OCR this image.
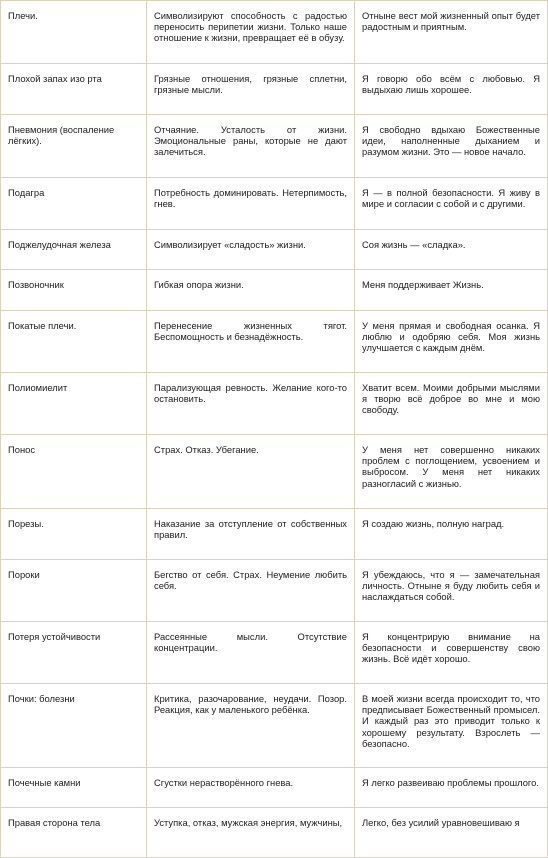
Плечи.	Символизируют способность с радостью переносить перипетии жизни. Только наше отношение к жизни, превращает её в обузу.	Отныне вест мой жизненный опыт будет радостным и приятным.
Плохой запах изо рта	Грязные отношения, грязные сплетни, грязные мысли.	Я говорю обо всём с любовью. Я выдыхаю лишь хорошее.
Пневмония (воспаление лёгких).	Отчаяние. Усталость от жизни. Эмоциональные раны, которые не дают залечиться.	Я свободно вдыхаю Божественные идеи, наполненные дыханием и разумом жизни. Это — новое начало.
Подагра	Потребность доминировать. Нетерпимость, гнев.	Я — в полной безопасности. Я живу в мире и согласии с собой и с другими.
Поджелудочная железа	Символизирует «сладость» жизни.	Соя жизнь — «сладка».
Позвоночник	Гибкая опора жизни.	Меня поддерживает Жизнь.
Покатые плечи.	Перенесение жизненных тягот. Беспомощность и безнадёжность.	У меня прямая и свободная осанка. Я люблю и одобряю себя. Моя жизнь улучшается с каждым днём.
Полиомиелит	Парализующая ревность. Желание кого-то остановить.	Хватит всем. Моими добрыми мыслями я творю всё доброе во мне и мою свободу.
Понос	Страх. Отказ. Убегание.	У меня нет совершенно никаких проблем с поглощением, усвоением и выбросом. У меня нет никаких разногласий с жизнью.
Порезы.	Наказание за отступление от собственных правил.	Я создаю жизнь, полную наград.
Пороки	Бегство от себя. Страх. Неумение любить себя.	Я убеждаюсь, что я — замечательная личность. Отныне я буду любить себя и наслаждаться собой.
Потеря устойчивости	Рассеянные мысли. Отсутствие концентрации.	Я концентрирую внимание на безопасности и совершенству свою жизнь. Всё идёт хорошо.
Почки: болезни	Критика, разочарование, неудачи. Позор. Реакция, как у маленького ребёнка.	В моей жизни всегда происходит то, что предписывает Божественный промысел. И каждый раз это приводит только к хорошему результату. Взрослеть — безопасно.
Почечные камни	Сгустки нерастворённого гнева.	Я легко развеиваю проблемы прошлого.
Правая сторона тела	Уступка, отказ, мужская энергия, мужчины,	Легко, без усилий уравновешиваю я
